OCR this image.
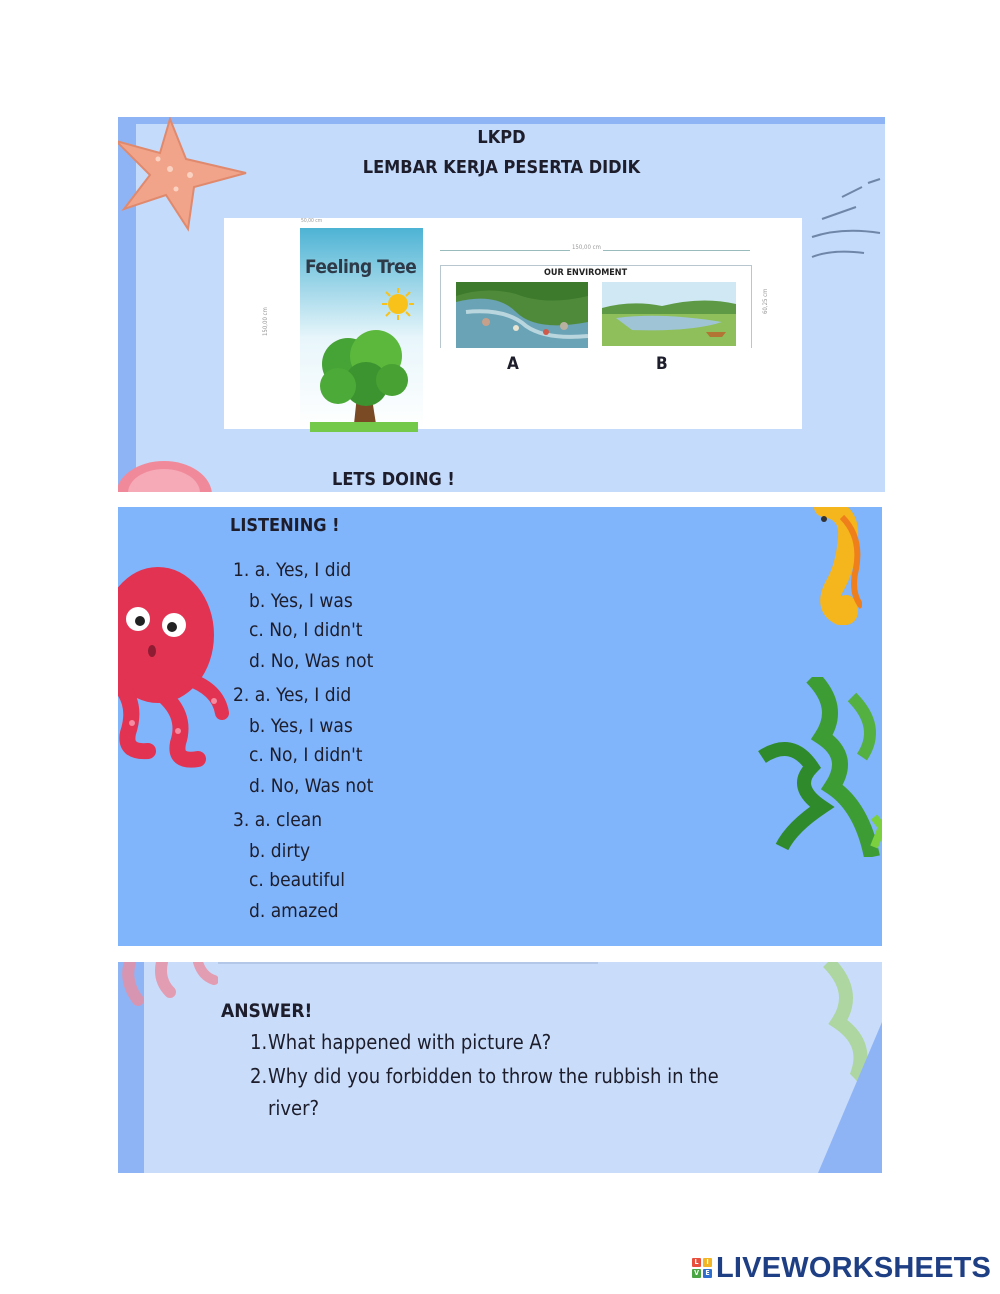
LKPD
LEMBAR KERJA PESERTA DIDIK
50,00 cm
150,00 cm
Feeling Tree
150,00 cm
OUR ENVIROMENT
60,25 cm
A	B
LETS DOING !
LISTENING !
1. a. Yes, I did
b. Yes, I was
c. No, I didn't
d. No, Was not
2. a. Yes, I did
b. Yes, I was
c. No, I didn't
d. No, Was not
3. a. clean
b. dirty
c. beautiful
d. amazed
ANSWER!
1. What happened with picture A?
2. Why did you forbidden to throw the rubbish in the
river?
L	I
V E LIVEWORKSHEETS
